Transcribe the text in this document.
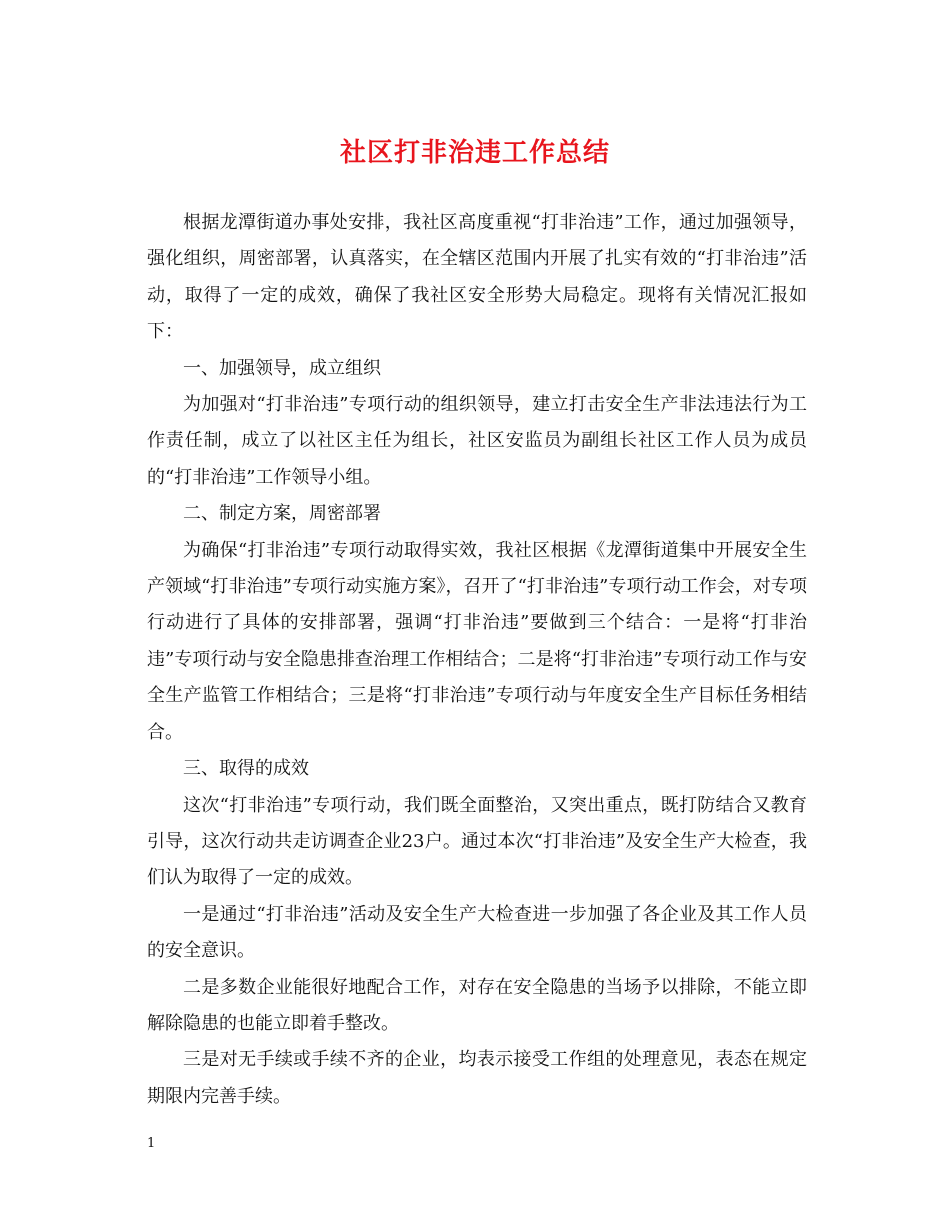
社区打非治违工作总结

根据龙潭街道办事处安排，我社区高度重视“打非治违”工作，通过加强领导，强化组织，周密部署，认真落实，在全辖区范围内开展了扎实有效的“打非治违”活动，取得了一定的成效，确保了我社区安全形势大局稳定。现将有关情况汇报如下：

一、加强领导，成立组织

为加强对“打非治违”专项行动的组织领导，建立打击安全生产非法违法行为工作责任制，成立了以社区主任为组长，社区安监员为副组长社区工作人员为成员的“打非治违”工作领导小组。

二、制定方案，周密部署

为确保“打非治违”专项行动取得实效，我社区根据《龙潭街道集中开展安全生产领域“打非治违”专项行动实施方案》，召开了“打非治违”专项行动工作会，对专项行动进行了具体的安排部署，强调“打非治违”要做到三个结合：一是将“打非治违”专项行动与安全隐患排查治理工作相结合；二是将“打非治违”专项行动工作与安全生产监管工作相结合；三是将“打非治违”专项行动与年度安全生产目标任务相结合。

三、取得的成效

这次“打非治违”专项行动，我们既全面整治，又突出重点，既打防结合又教育引导，这次行动共走访调查企业23户。通过本次“打非治违”及安全生产大检查，我们认为取得了一定的成效。

一是通过“打非治违”活动及安全生产大检查进一步加强了各企业及其工作人员的安全意识。

二是多数企业能很好地配合工作，对存在安全隐患的当场予以排除，不能立即解除隐患的也能立即着手整改。

三是对无手续或手续不齐的企业，均表示接受工作组的处理意见，表态在规定期限内完善手续。

1
